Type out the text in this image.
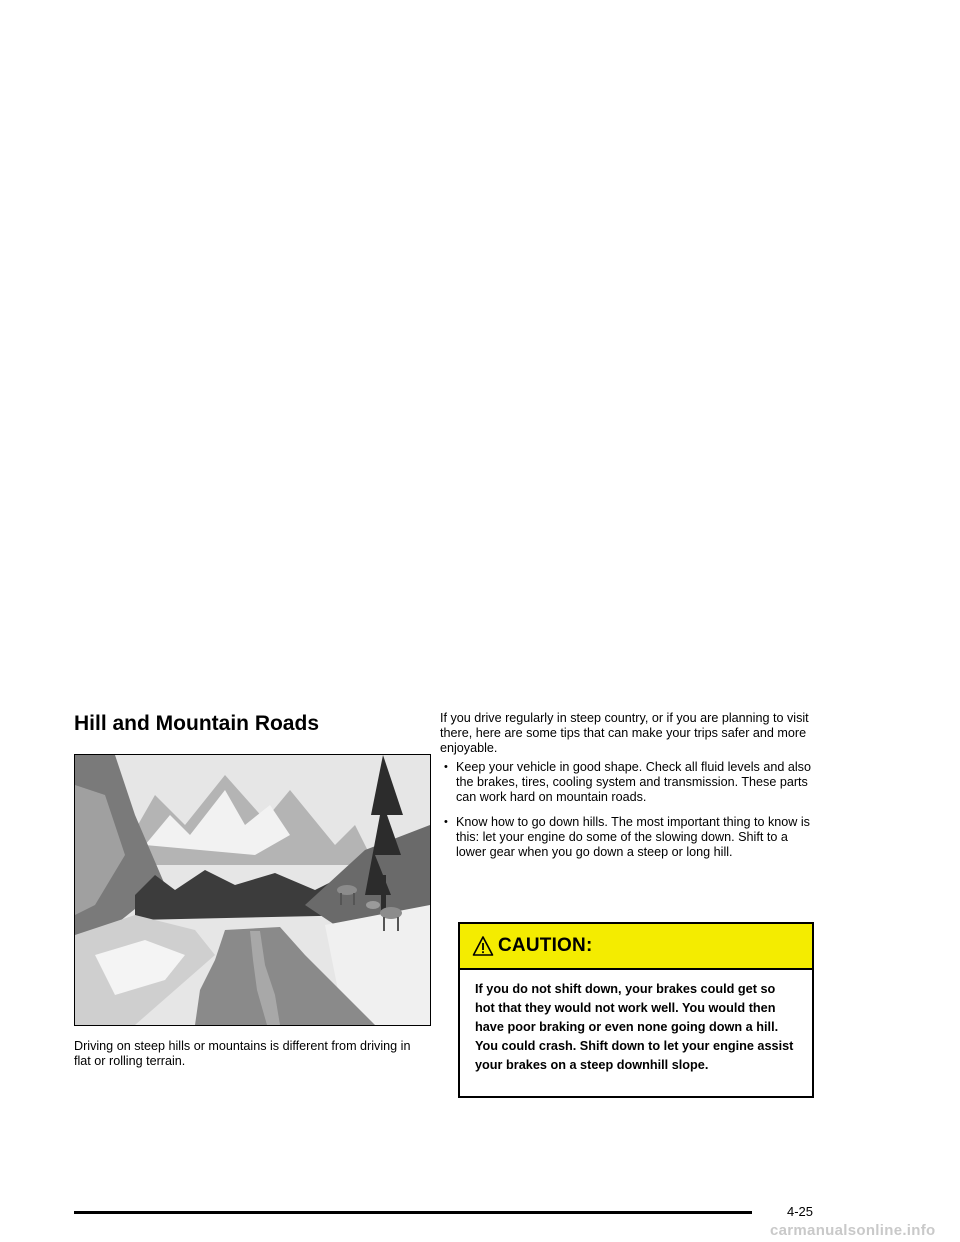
Hill and Mountain Roads

Driving on steep hills or mountains is different from driving in flat or rolling terrain.

If you drive regularly in steep country, or if you are planning to visit there, here are some tips that can make your trips safer and more enjoyable.

• Keep your vehicle in good shape. Check all fluid levels and also the brakes, tires, cooling system and transmission. These parts can work hard on mountain roads.
• Know how to go down hills. The most important thing to know is this: let your engine do some of the slowing down. Shift to a lower gear when you go down a steep or long hill.
CAUTION:

If you do not shift down, your brakes could get so hot that they would not work well. You would then have poor braking or even none going down a hill. You could crash. Shift down to let your engine assist your brakes on a steep downhill slope.

4-25
carmanualsonline.info
